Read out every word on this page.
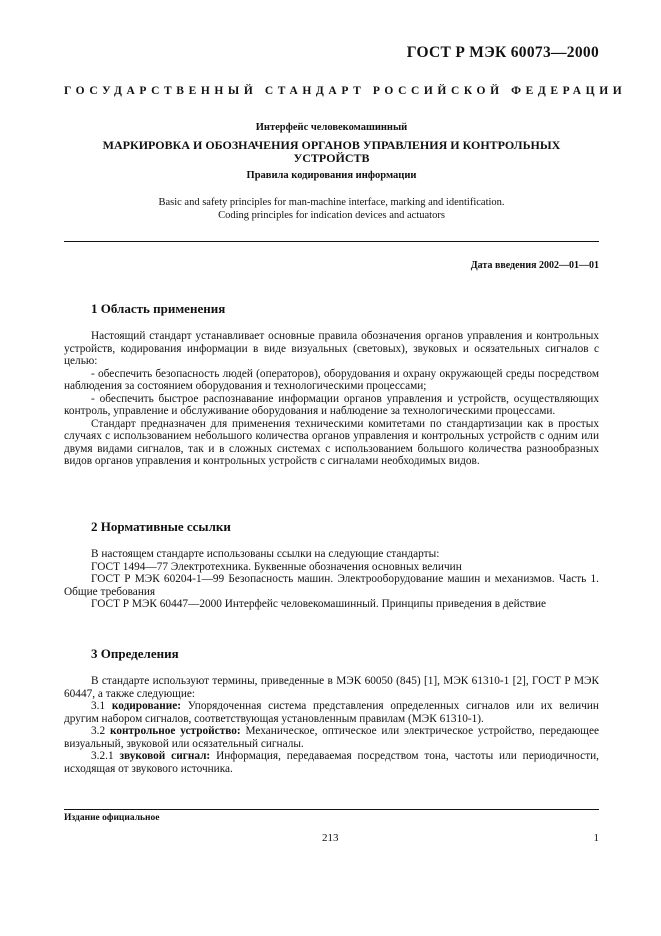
ГОСТ Р МЭК 60073—2000
ГОСУДАРСТВЕННЫЙ СТАНДАРТ РОССИЙСКОЙ ФЕДЕРАЦИИ
Интерфейс человекомашинный
МАРКИРОВКА И ОБОЗНАЧЕНИЯ ОРГАНОВ УПРАВЛЕНИЯ И КОНТРОЛЬНЫХ
УСТРОЙСТВ
Правила кодирования информации
Basic and safety principles for man-machine interface, marking and identification.
Coding principles for indication devices and actuators
Дата введения 2002—01—01
1 Область применения

Настоящий стандарт устанавливает основные правила обозначения органов управления и контрольных устройств, кодирования информации в виде визуальных (световых), звуковых и осязательных сигналов с целью:

- обеспечить безопасность людей (операторов), оборудования и охрану окружающей среды посредством наблюдения за состоянием оборудования и технологическими процессами;

- обеспечить быстрое распознавание информации органов управления и устройств, осуществляющих контроль, управление и обслуживание оборудования и наблюдение за технологическими процессами.

Стандарт предназначен для применения техническими комитетами по стандартизации как в простых случаях с использованием небольшого количества органов управления и контрольных устройств с одним или двумя видами сигналов, так и в сложных системах с использованием большого количества разнообразных видов органов управления и контрольных устройств с сигналами необходимых видов.

2 Нормативные ссылки

В настоящем стандарте использованы ссылки на следующие стандарты:

ГОСТ 1494—77 Электротехника. Буквенные обозначения основных величин

ГОСТ Р МЭК 60204-1—99 Безопасность машин. Электрооборудование машин и механизмов. Часть 1. Общие требования

ГОСТ Р МЭК 60447—2000 Интерфейс человекомашинный. Принципы приведения в действие

3 Определения

В стандарте используют термины, приведенные в МЭК 60050 (845) [1], МЭК 61310-1 [2], ГОСТ Р МЭК 60447, а также следующие:

3.1 кодирование: Упорядоченная система представления определенных сигналов или их величин другим набором сигналов, соответствующая установленным правилам (МЭК 61310-1).

3.2 контрольное устройство: Механическое, оптическое или электрическое устройство, передающее визуальный, звуковой или осязательный сигналы.

3.2.1 звуковой сигнал: Информация, передаваемая посредством тона, частоты или периодичности, исходящая от звукового источника.

Издание официальное
213	1
